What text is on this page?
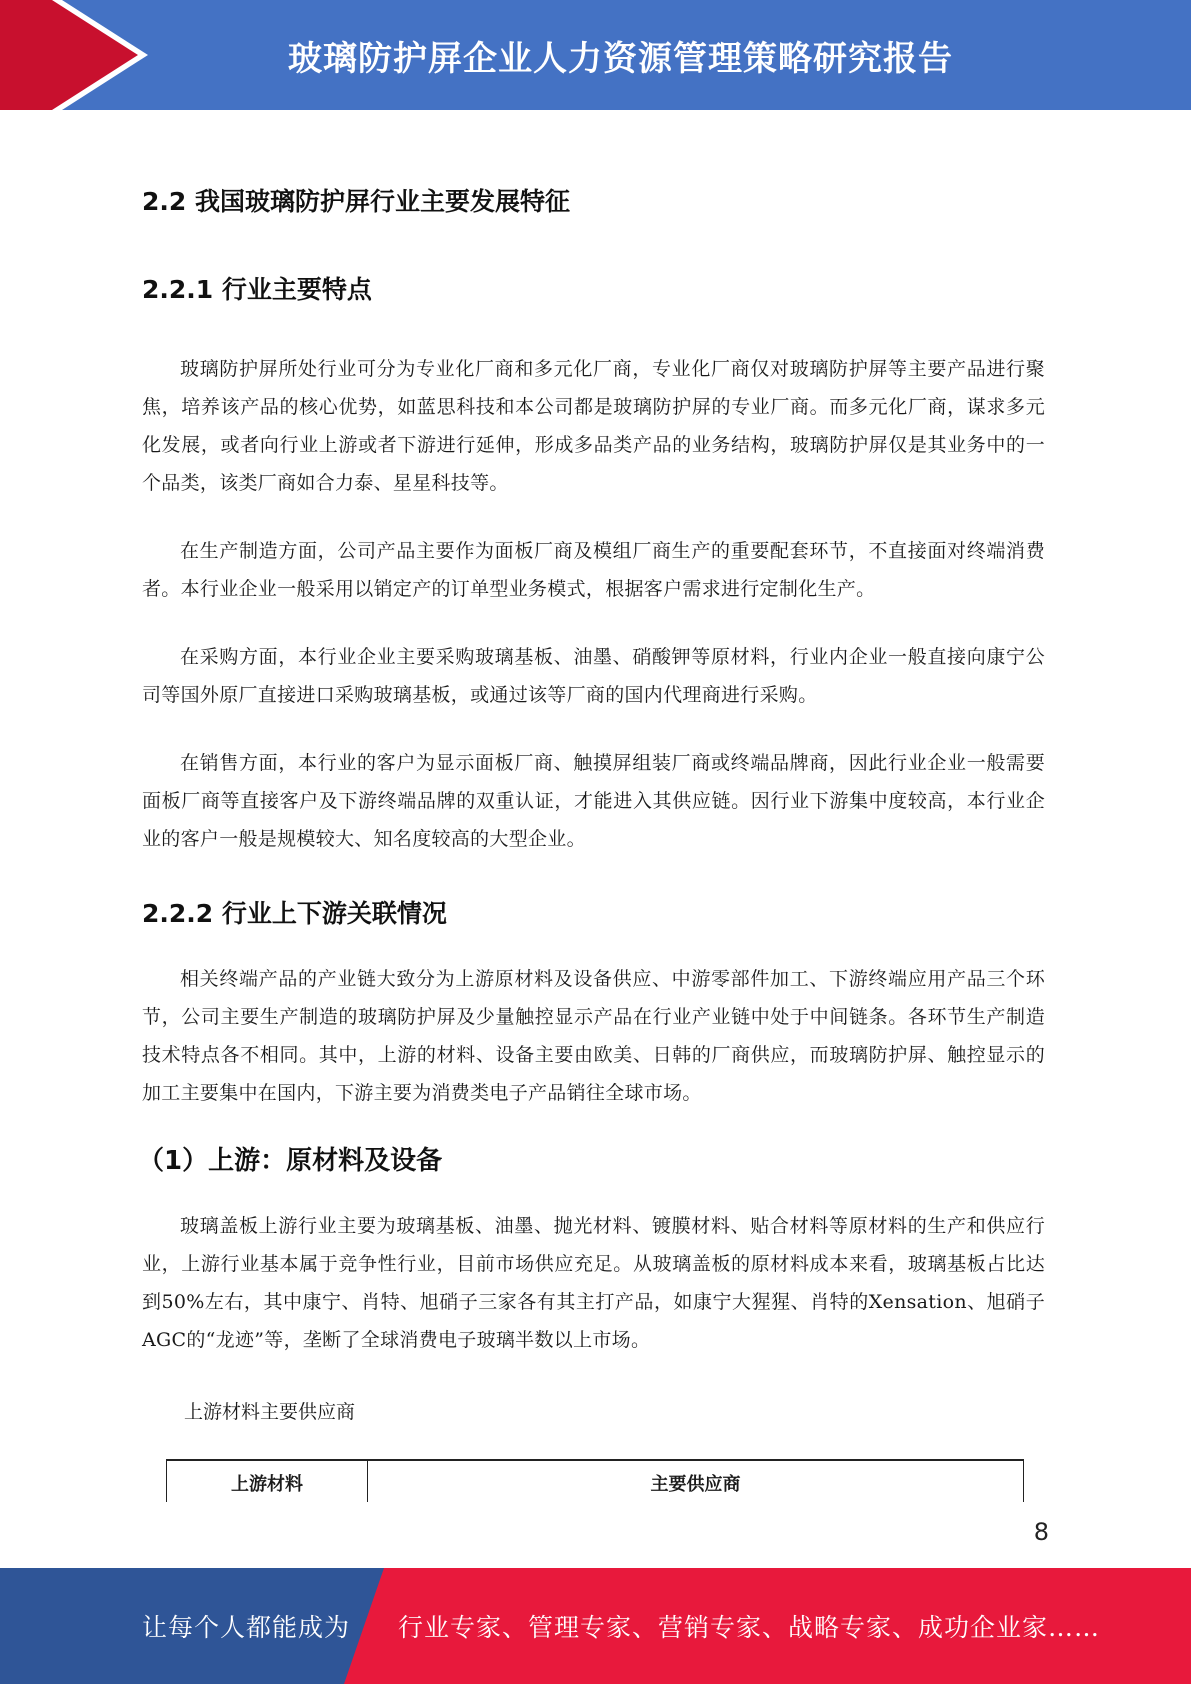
玻璃防护屏企业人力资源管理策略研究报告
2.2 我国玻璃防护屏行业主要发展特征
2.2.1 行业主要特点

玻璃防护屏所处行业可分为专业化厂商和多元化厂商，专业化厂商仅对玻璃防护屏等主要产品进行聚焦，培养该产品的核心优势，如蓝思科技和本公司都是玻璃防护屏的专业厂商。而多元化厂商，谋求多元化发展，或者向行业上游或者下游进行延伸，形成多品类产品的业务结构，玻璃防护屏仅是其业务中的一个品类，该类厂商如合力泰、星星科技等。

在生产制造方面，公司产品主要作为面板厂商及模组厂商生产的重要配套环节，不直接面对终端消费者。本行业企业一般采用以销定产的订单型业务模式，根据客户需求进行定制化生产。

在采购方面，本行业企业主要采购玻璃基板、油墨、硝酸钾等原材料，行业内企业一般直接向康宁公司等国外原厂直接进口采购玻璃基板，或通过该等厂商的国内代理商进行采购。

在销售方面，本行业的客户为显示面板厂商、触摸屏组装厂商或终端品牌商，因此行业企业一般需要面板厂商等直接客户及下游终端品牌的双重认证，才能进入其供应链。因行业下游集中度较高，本行业企业的客户一般是规模较大、知名度较高的大型企业。

2.2.2 行业上下游关联情况

相关终端产品的产业链大致分为上游原材料及设备供应、中游零部件加工、下游终端应用产品三个环节，公司主要生产制造的玻璃防护屏及少量触控显示产品在行业产业链中处于中间链条。各环节生产制造技术特点各不相同。其中，上游的材料、设备主要由欧美、日韩的厂商供应，而玻璃防护屏、触控显示的加工主要集中在国内，下游主要为消费类电子产品销往全球市场。

（1）上游：原材料及设备

玻璃盖板上游行业主要为玻璃基板、油墨、抛光材料、镀膜材料、贴合材料等原材料的生产和供应行业，上游行业基本属于竞争性行业，目前市场供应充足。从玻璃盖板的原材料成本来看，玻璃基板占比达到50%左右，其中康宁、肖特、旭硝子三家各有其主打产品，如康宁大猩猩、肖特的Xensation、旭硝子AGC的“龙迹”等，垄断了全球消费电子玻璃半数以上市场。

上游材料主要供应商
上游材料	主要供应商
8
让每个人都能成为 行业专家、管理专家、营销专家、战略专家、成功企业家……
